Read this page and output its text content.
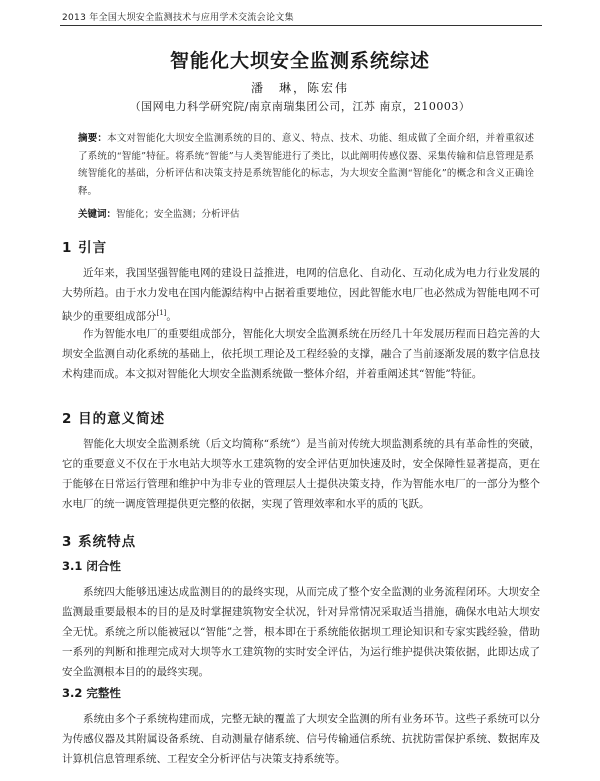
2013 年全国大坝安全监测技术与应用学术交流会论文集
智能化大坝安全监测系统综述
潘　琳，陈宏伟
（国网电力科学研究院/南京南瑞集团公司，江苏 南京，210003）
摘要：本文对智能化大坝安全监测系统的目的、意义、特点、技术、功能、组成做了全面介绍，并着重叙述了系统的“智能”特征。将系统“智能”与人类智能进行了类比，以此阐明传感仪器、采集传输和信息管理是系统智能化的基础，分析评估和决策支持是系统智能化的标志，为大坝安全监测“智能化”的概念和含义正确诠释。
关键词：智能化；安全监测；分析评估
1 引言
近年来，我国坚强智能电网的建设日益推进，电网的信息化、自动化、互动化成为电力行业发展的大势所趋。由于水力发电在国内能源结构中占据着重要地位，因此智能水电厂也必然成为智能电网不可缺少的重要组成部分[1]。
作为智能水电厂的重要组成部分，智能化大坝安全监测系统在历经几十年发展历程而日趋完善的大坝安全监测自动化系统的基础上，依托坝工理论及工程经验的支撑，融合了当前逐渐发展的数字信息技术构建而成。本文拟对智能化大坝安全监测系统做一整体介绍，并着重阐述其“智能”特征。
2 目的意义简述
智能化大坝安全监测系统（后文均简称“系统”）是当前对传统大坝监测系统的具有革命性的突破，它的重要意义不仅在于水电站大坝等水工建筑物的安全评估更加快速及时，安全保障性显著提高，更在于能够在日常运行管理和维护中为非专业的管理层人士提供决策支持，作为智能水电厂的一部分为整个水电厂的统一调度管理提供更完整的依据，实现了管理效率和水平的质的飞跃。
3 系统特点
3.1 闭合性
系统四大能够迅速达成监测目的的最终实现，从而完成了整个安全监测的业务流程闭环。大坝安全监测最重要最根本的目的是及时掌握建筑物安全状况，针对异常情况采取适当措施，确保水电站大坝安全无忧。系统之所以能被冠以“智能”之誉，根本即在于系统能依据坝工理论知识和专家实践经验，借助一系列的判断和推理完成对大坝等水工建筑物的实时安全评估，为运行维护提供决策依据，此即达成了安全监测根本目的的最终实现。
3.2 完整性
系统由多个子系统构建而成，完整无缺的覆盖了大坝安全监测的所有业务环节。这些子系统可以分为传感仪器及其附属设备系统、自动测量存储系统、信号传输通信系统、抗扰防雷保护系统、数据库及计算机信息管理系统、工程安全分析评估与决策支持系统等。
